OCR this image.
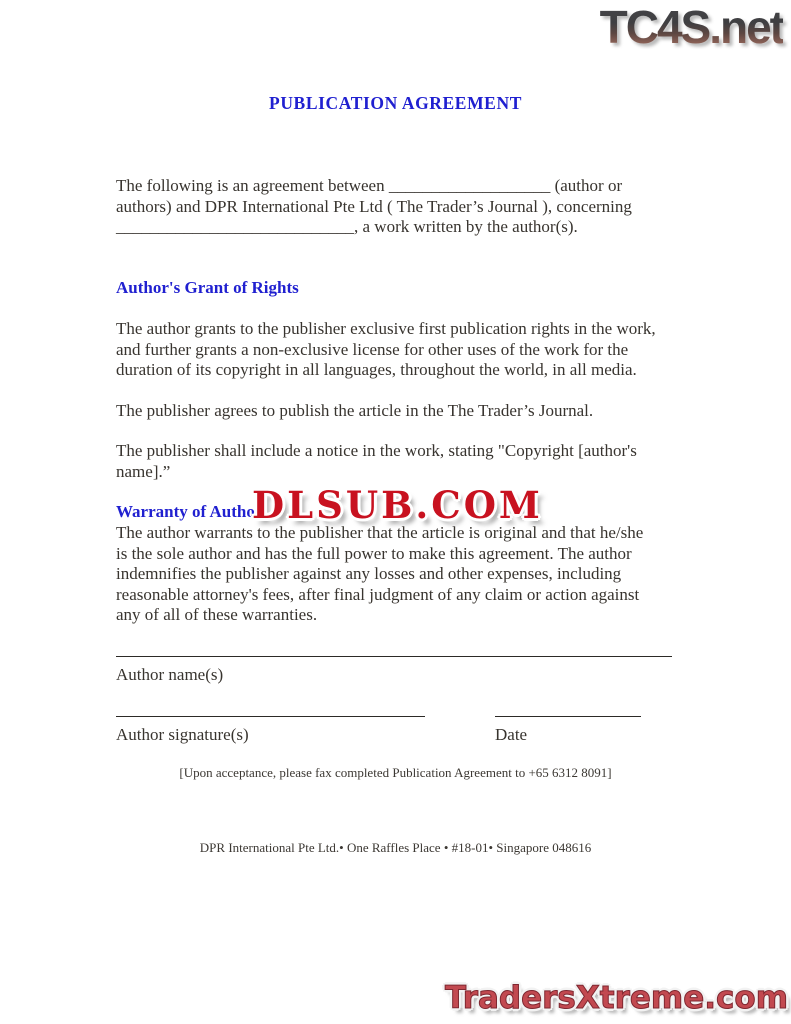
TC4S.net
PUBLICATION AGREEMENT
The following is an agreement between ___________________ (author or
authors) and DPR International Pte Ltd ( The Trader’s Journal ), concerning
____________________________, a work written by the author(s).
Author's Grant of Rights
The author grants to the publisher exclusive first publication rights in the work,
and further grants a non-exclusive license for other uses of the work for the
duration of its copyright in all languages, throughout the world, in all media.
The publisher agrees to publish the article in the The Trader’s Journal.
The publisher shall include a notice in the work, stating "Copyright [author's
name].”
Warranty of Autho
DLSUB.COM
The author warrants to the publisher that the article is original and that he/she
is the sole author and has the full power to make this agreement. The author
indemnifies the publisher against any losses and other expenses, including
reasonable attorney's fees, after final judgment of any claim or action against
any of all of these warranties.
Author name(s)
Author signature(s)	Date
[Upon acceptance, please fax completed Publication Agreement to +65 6312 8091]
DPR International Pte Ltd.• One Raffles Place • #18-01• Singapore 048616
TradersXtreme.com
